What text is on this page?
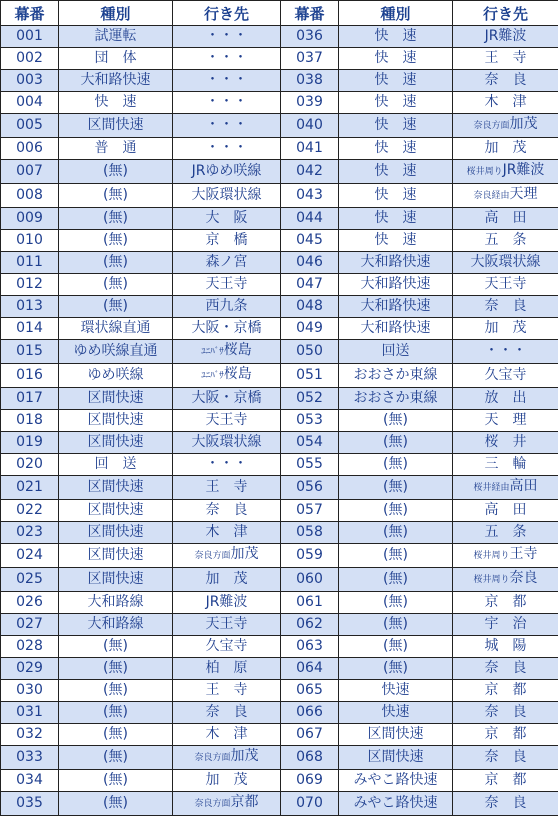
幕番	種別	行き先	幕番	種別	行き先
001	試運転	・・・	036	快　速	JR難波
002	団　体	・・・	037	快　速	王　寺
003	大和路快速	・・・	038	快　速	奈　良
004	快　速	・・・	039	快　速	木　津
005	区間快速	・・・	040	快　速	奈良方面加茂
006	普　通	・・・	041	快　速	加　茂
007	(無)	JRゆめ咲線	042	快　速	桜井周りJR難波
008	(無)	大阪環状線	043	快　速	奈良経由天理
009	(無)	大　阪	044	快　速	高　田
010	(無)	京　橋	045	快　速	五　条
011	(無)	森ノ宮	046	大和路快速	大阪環状線
012	(無)	天王寺	047	大和路快速	天王寺
013	(無)	西九条	048	大和路快速	奈　良
014	環状線直通	大阪・京橋	049	大和路快速	加　茂
015	ゆめ咲線直通	ﾕﾆﾊﾞｻ桜島	050	回送	・・・
016	ゆめ咲線	ﾕﾆﾊﾞｻ桜島	051	おおさか東線	久宝寺
017	区間快速	大阪・京橋	052	おおさか東線	放　出
018	区間快速	天王寺	053	(無)	天　理
019	区間快速	大阪環状線	054	(無)	桜　井
020	回　送	・・・	055	(無)	三　輪
021	区間快速	王　寺	056	(無)	桜井経由高田
022	区間快速	奈　良	057	(無)	高　田
023	区間快速	木　津	058	(無)	五　条
024	区間快速	奈良方面加茂	059	(無)	桜井周り王寺
025	区間快速	加　茂	060	(無)	桜井周り奈良
026	大和路線	JR難波	061	(無)	京　都
027	大和路線	天王寺	062	(無)	宇　治
028	(無)	久宝寺	063	(無)	城　陽
029	(無)	柏　原	064	(無)	奈　良
030	(無)	王　寺	065	快速	京　都
031	(無)	奈　良	066	快速	奈　良
032	(無)	木　津	067	区間快速	京　都
033	(無)	奈良方面加茂	068	区間快速	奈　良
034	(無)	加　茂	069	みやこ路快速	京　都
035	(無)	奈良方面京都	070	みやこ路快速	奈　良
